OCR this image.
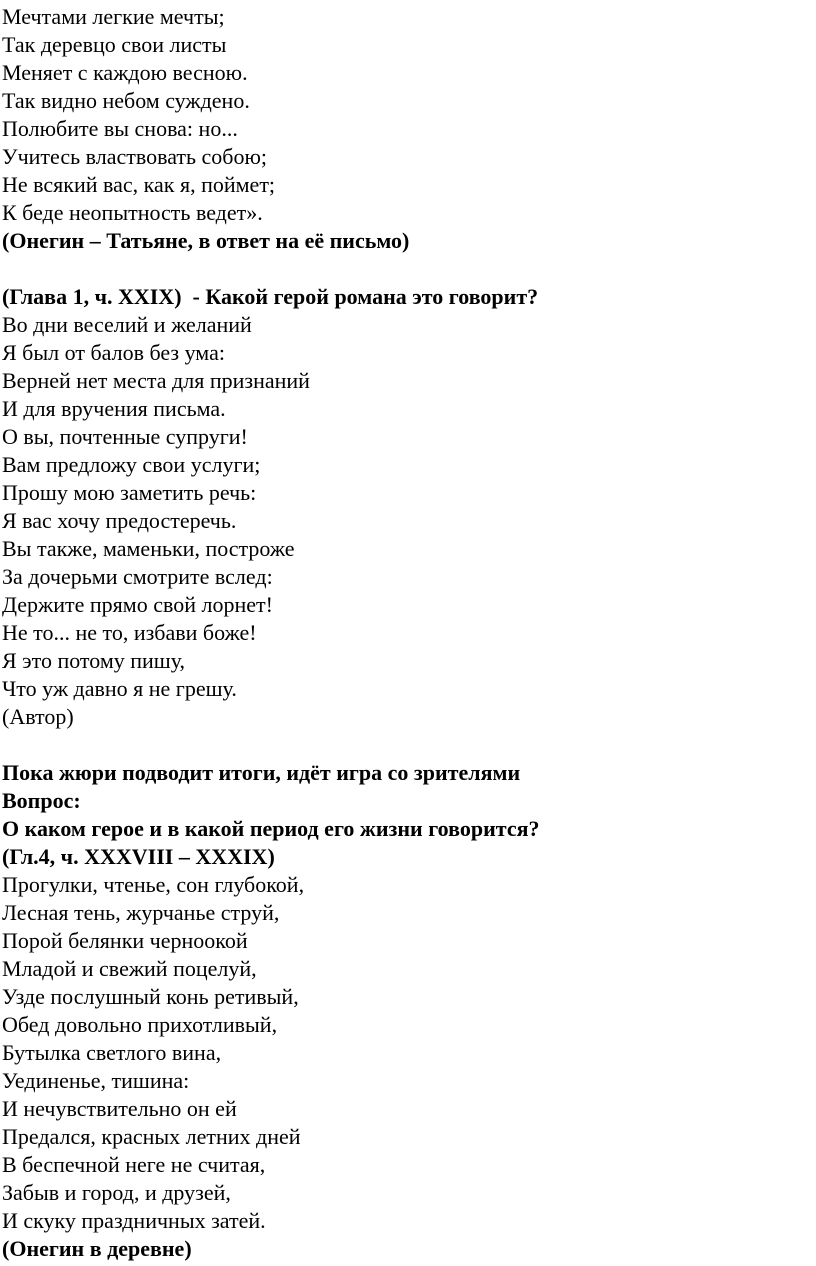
Мечтами легкие мечты;
Так деревцо свои листы
Меняет с каждою весною.
Так видно небом суждено.
Полюбите вы снова: но...
Учитесь властвовать собою;
Не всякий вас, как я, поймет;
К беде неопытность ведет».
(Онегин – Татьяне, в ответ на её письмо)
(Глава 1, ч. XXIX)  - Какой герой романа это говорит?
Во дни веселий и желаний
Я был от балов без ума:
Верней нет места для признаний
И для вручения письма.
О вы, почтенные супруги!
Вам предложу свои услуги;
Прошу мою заметить речь:
Я вас хочу предостеречь.
Вы также, маменьки, построже
За дочерьми смотрите вслед:
Держите прямо свой лорнет!
Не то... не то, избави боже!
Я это потому пишу,
Что уж давно я не грешу.
(Автор)
Пока жюри подводит итоги, идёт игра со зрителями
Вопрос:
О каком герое и в какой период его жизни говорится?
(Гл.4, ч. XXXVIII – XXXIX)
Прогулки, чтенье, сон глубокой,
Лесная тень, журчанье струй,
Порой белянки черноокой
Младой и свежий поцелуй,
Узде послушный конь ретивый,
Обед довольно прихотливый,
Бутылка светлого вина,
Уединенье, тишина:
И нечувствительно он ей
Предался, красных летних дней
В беспечной неге не считая,
Забыв и город, и друзей,
И скуку праздничных затей.
(Онегин в деревне)
